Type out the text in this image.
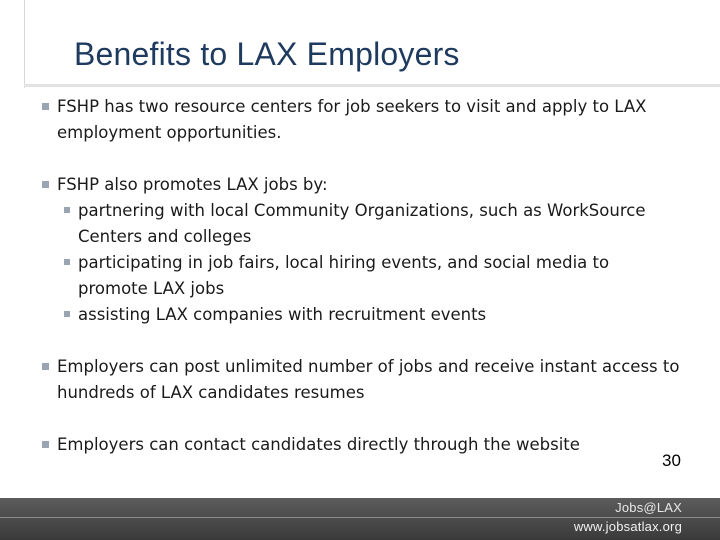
Benefits to LAX Employers
FSHP has two resource centers for job seekers to visit and apply to LAX employment opportunities.
FSHP also promotes LAX jobs by:
partnering with local Community Organizations, such as WorkSource Centers and colleges
participating in job fairs, local hiring events, and social media to promote LAX jobs
assisting LAX companies with recruitment events
Employers can post unlimited number of jobs and receive instant access to hundreds of LAX candidates resumes
Employers can contact candidates directly through the website
30
Jobs@LAX
www.jobsatlax.org
